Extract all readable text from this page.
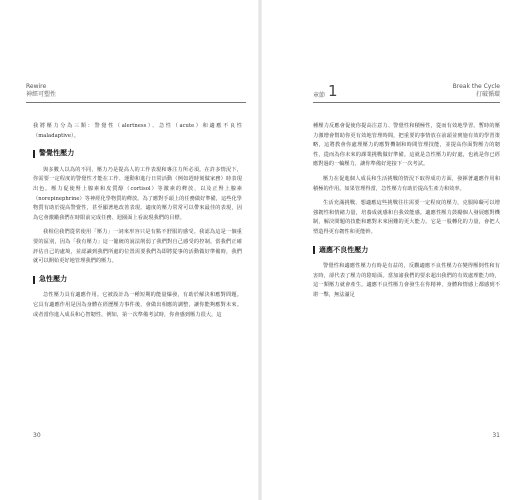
Rewire
神經可塑性

我將壓力分為三類：警覺性（alertness）、急性（acute）和適應不良性（maladaptive）。

警覺性壓力

與多數人以為的不同，壓力乃是提高人的工作表現和專注力所必須。在許多情況下，你需要一定程度的警覺性才能在工作、運動和進行日常活動（例如趕時刻做家務）時表現出色。壓力促使腎上腺素和皮質醇（cortisol）等激素的釋放，以及正腎上腺素（norepinephrine）等神經化學物質的釋放。為了應對手頭上的任務做好準備，這些化學物質有助於提高警覺性，甚至顯著地改善表現。適度的壓力常常可以帶來最佳的表現，因為它會激勵我們在時限前完成任務、迴圈面上看說現我們的目標。

我相信我們從常使用「壓力」一詞來形容只是有點不舒服的感受。我認為這是一個重要的區別，因為「我有壓力」這一籠統的說法削弱了我們對自己感受的控制。當我們正確評估自己的處境，並認識到我們所處的位置需要我們為即將從事的活動做好準備時，我們就可以開始更好地管理我們的壓力。

急性壓力

急性壓力具有適應作用。它被設計為一種短期的能量爆發，有助於解決和應對問題。它具有適應作用是因為身體在經歷壓力事件後，會做出相應的調整，讓你能夠應對未來。或者當你進入成長和心智韌性，例如，第一次準備考試時，你會感到壓力很大，這

30
章節 1	Break the Cycle
打破循環

種壓力反應會促使你提高注意力、警覺性和積極性，從而有效地學習。暫時的壓力激增會幫助你更有效地管理時間，把重要的事情放在前頭並實施有效的學習策略，這將教會你處理壓力的應對機制和時間管理技能，並提高你面對壓力的韌性，從而為你未來的課業挑戰做好準備。這就是急性壓力的好處，也就是你已經應對過的一輪壓力，讓你準備好迎接下一次考試。

壓力在促進個人成長和生活挑戰的情況下取得成功方面，發揮著適應作用和積極的作用。如果管理得當，急性壓力有助於提高生產力和效率。

生活充滿挑戰，想適應這些挑戰往往需要一定程度的壓力，克服障礙可以增強韌性和情緒力量，培養成就感和自我效能感。適應性壓力鼓勵個人發展應對機制，解決問題的技能和應對未來困難的更大能力。它是一股轉化的力量，會把人塑造得更有韌性和更能幹。

適應不良性壓力

警覺性和適應性壓力有時是有益的，反觀適應不良性壓力在變得壓倒性和有害時，卻代表了壓力的陰暗面。當加諸我們的要求超出我們的有效處理能力時，這一類壓力就會產生。適應不良性壓力會發生在你精神、身體和情感上都感到不堪一擊，無法滿足

31
